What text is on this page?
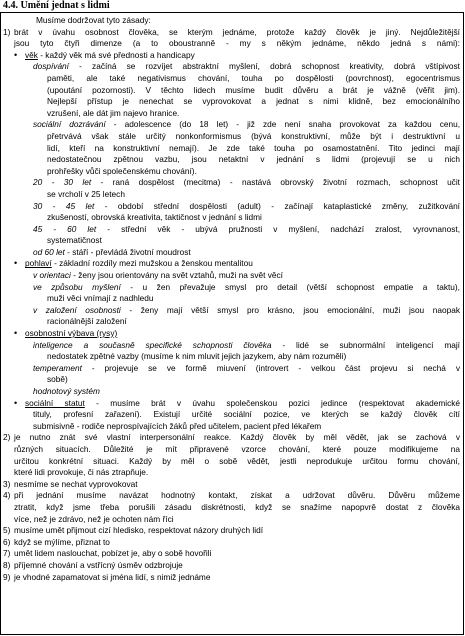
4.4. Umění jednat s lidmi
Musíme dodržovat tyto zásady:
1) brát v úvahu osobnost člověka, se kterým jednáme, protože každý člověk je jiný. Nejdůležitější
jsou tyto čtyři dimenze (a to oboustranně - my s někým jednáme, někdo jedná s námi):
• věk - každý věk má své přednosti a handicapy
dospívání - začíná se rozvíjet abstraktní myšlení, dobrá schopnost kreativity, dobrá vštípivost
paměti, ale také negativismus chování, touha po dospělosti (povrchnost), egocentrismus
(upoutání pozornosti). V těchto lidech musíme budit důvěru a brát je vážně (věřit jim).
Nejlepší přístup je nenechat se vyprovokovat a jednat s nimi klidně, bez emocionálního
vzrušení, ale dát jim najevo hranice.
sociální dozrávání - adolescence (do 18 let) - již zde není snaha provokovat za každou cenu,
přetrvává však stále určitý nonkonformismus (bývá konstruktivní, může být i destruktivní u
lidí, kteří na konstruktivní nemají). Je zde také touha po osamostatnění. Tito jedinci mají
nedostatečnou zpětnou vazbu, jsou netaktní v jednání s lidmi (projevují se u nich
prohřešky vůči společenskému chování).
20 - 30 let - raná dospělost (mecitma) - nastává obrovský životní rozmach, schopnost učit
se vrcholí v 25 letech
30 - 45 let - období střední dospělosti (adult) - začínají kataplastické změny, zužitkování
zkušeností, obrovská kreativita, taktičnost v jednání s lidmi
45 - 60 let - střední věk - ubývá pružnosti v myšlení, nadchází zralost, vyrovnanost,
systematičnost
od 60 let - stáří - převládá životní moudrost
• pohlaví - základní rozdíly mezi mužskou a ženskou mentalitou
v orientaci - ženy jsou orientovány na svět vztahů, muži na svět věcí
ve způsobu myšlení - u žen převažuje smysl pro detail (větší schopnost empatie a taktu),
muži věci vnímají z nadhledu
v založení osobnosti - ženy mají větší smysl pro krásno, jsou emocionální, muži jsou naopak
racionálnější založení
• osobnostní výbava (rysy)
inteligence a současně specifické schopnosti člověka - lidé se subnormální inteligencí mají
nedostatek zpětné vazby (musíme k nim mluvit jejich jazykem, aby nám rozuměli)
temperament - projevuje se ve formě miuvení (introvert - velkou část projevu si nechá v
sobě)
hodnotový systém
• sociální statut - musíme brát v úvahu společenskou pozici jedince (respektovat akademické
tituly, profesní zařazení). Existují určité sociální pozice, ve kterých se každý člověk cítí
submisivně - rodiče neprospívajících žáků před učitelem, pacient před lékařem
2) je nutno znát své vlastní interpersonální reakce. Každý člověk by měl vědět, jak se zachová v
různých situacích. Důležité je mít připravené vzorce chování, které pouze modifikujeme na
určitou konkrétní situaci. Každý by měl o sobě vědět, jestli neprodukuje určitou formu chování,
které lidi provokuje, či nás ztrapňuje.
3) nesmíme se nechat vyprovokovat
4) při jednání musíme navázat hodnotný kontakt, získat a udržovat důvěru. Důvěru můžeme
ztratit, když jsme třeba porušili zásadu diskrétnosti, když se snažíme napopvrě dostat z člověka
více, než je zdrávo, než je ochoten nám říci
5) musíme umět přijmout cizí hledisko, respektovat názory druhých lidí
6) když se mýlíme, přiznat to
7) umět lidem naslouchat, pobízet je, aby o sobě hovořili
8) příjemné chování a vstřícný úsměv odzbrojuje
9) je vhodné zapamatovat si jména lidí, s nimiž jednáme
